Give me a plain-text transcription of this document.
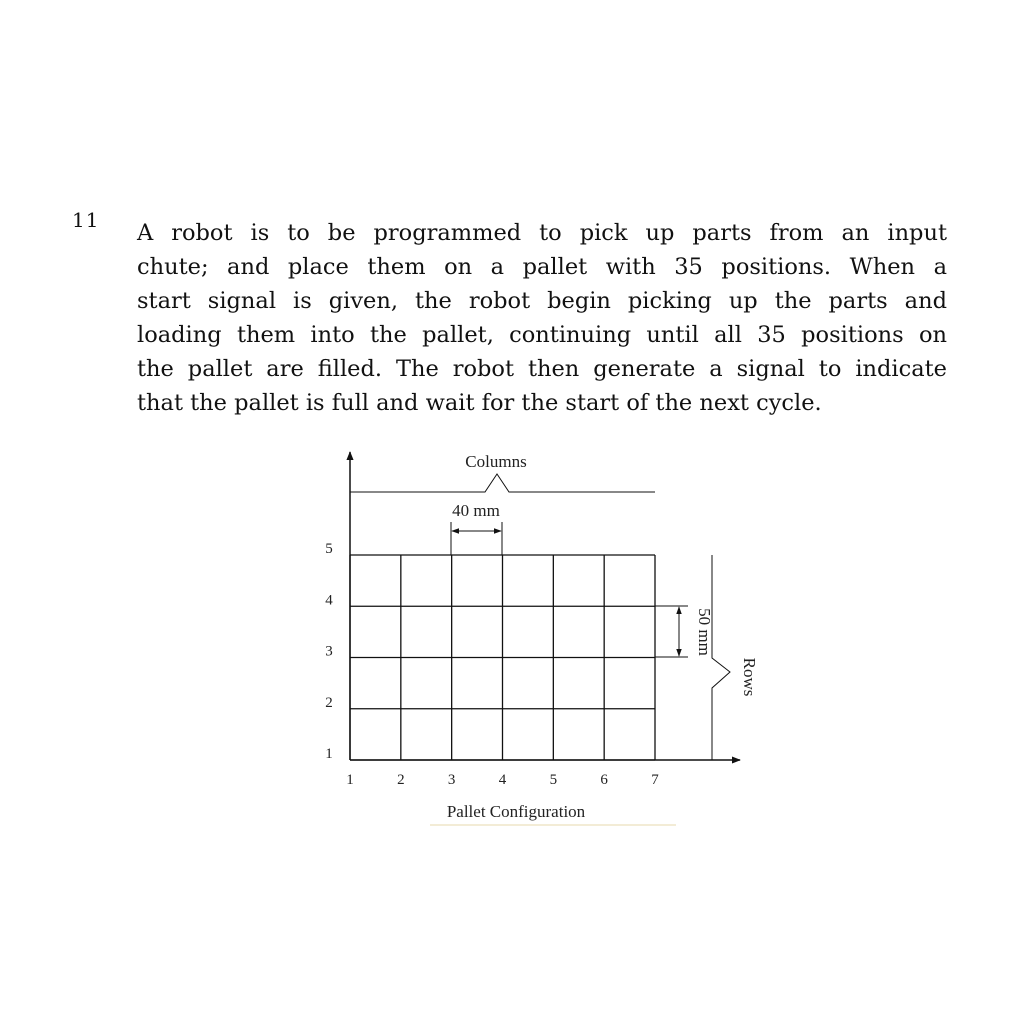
11 A robot is to be programmed to pick up parts from an input
chute; and place them on a pallet with 35 positions. When a
start signal is given, the robot begin picking up the parts and
loading them into the pallet, continuing until all 35 positions on
the pallet are filled. The robot then generate a signal to indicate
that the pallet is full and wait for the start of the next cycle.
Columns
40 mm
50 mm
Rows
1	2	3	4	5	6	7
1
2
3
4
5
Pallet Configuration
